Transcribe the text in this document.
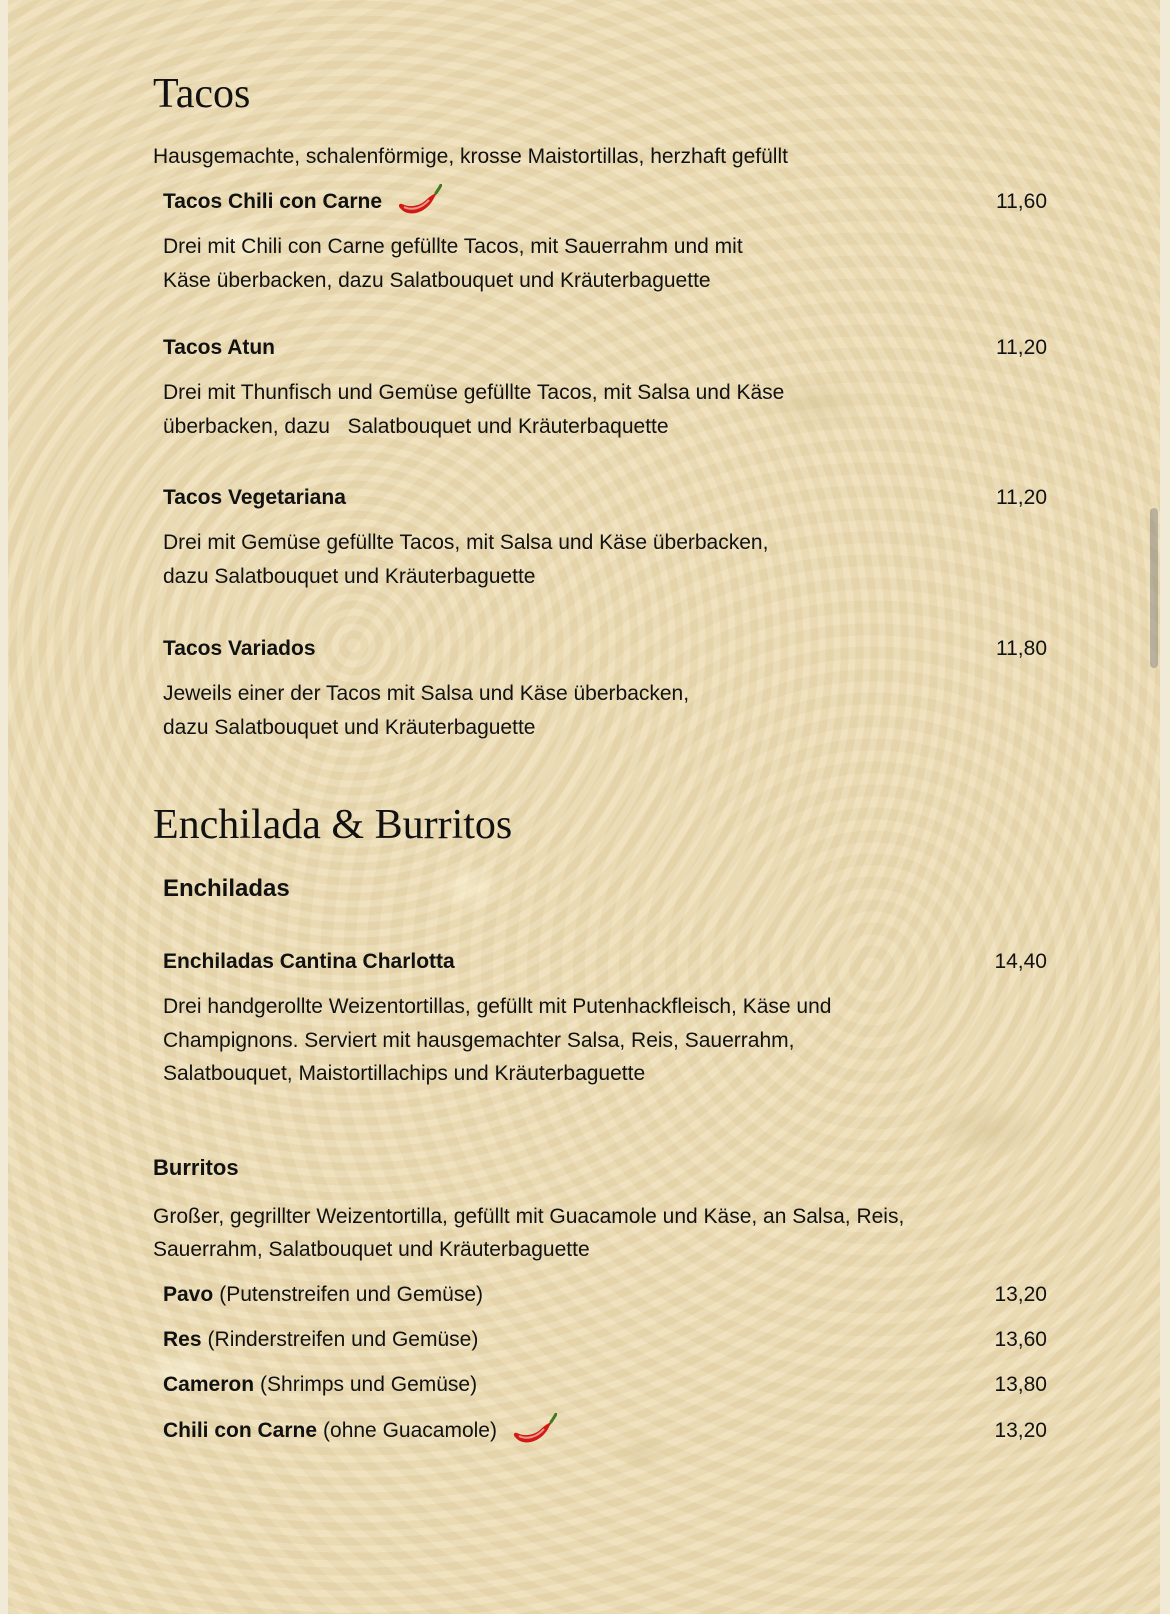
Tacos

Hausgemachte, schalenförmige, krosse Maistortillas, herzhaft gefüllt

Tacos Chili con Carne	11,60

Drei mit Chili con Carne gefüllte Tacos, mit Sauerrahm und mit
Käse überbacken, dazu Salatbouquet und Kräuterbaguette

Tacos Atun	11,20

Drei mit Thunfisch und Gemüse gefüllte Tacos, mit Salsa und Käse
überbacken, dazu   Salatbouquet und Kräuterbaquette

Tacos Vegetariana	11,20

Drei mit Gemüse gefüllte Tacos, mit Salsa und Käse überbacken,
dazu Salatbouquet und Kräuterbaguette

Tacos Variados	11,80

Jeweils einer der Tacos mit Salsa und Käse überbacken,
dazu Salatbouquet und Kräuterbaguette

Enchilada & Burritos
Enchiladas
Enchiladas Cantina Charlotta	14,40

Drei handgerollte Weizentortillas, gefüllt mit Putenhackfleisch, Käse und
Champignons. Serviert mit hausgemachter Salsa, Reis, Sauerrahm,
Salatbouquet, Maistortillachips und Kräuterbaguette

Burritos

Großer, gegrillter Weizentortilla, gefüllt mit Guacamole und Käse, an Salsa, Reis,
Sauerrahm, Salatbouquet und Kräuterbaguette

Pavo (Putenstreifen und Gemüse)	13,20
Res (Rinderstreifen und Gemüse)	13,60
Cameron (Shrimps und Gemüse)	13,80
Chili con Carne (ohne Guacamole)	13,20
